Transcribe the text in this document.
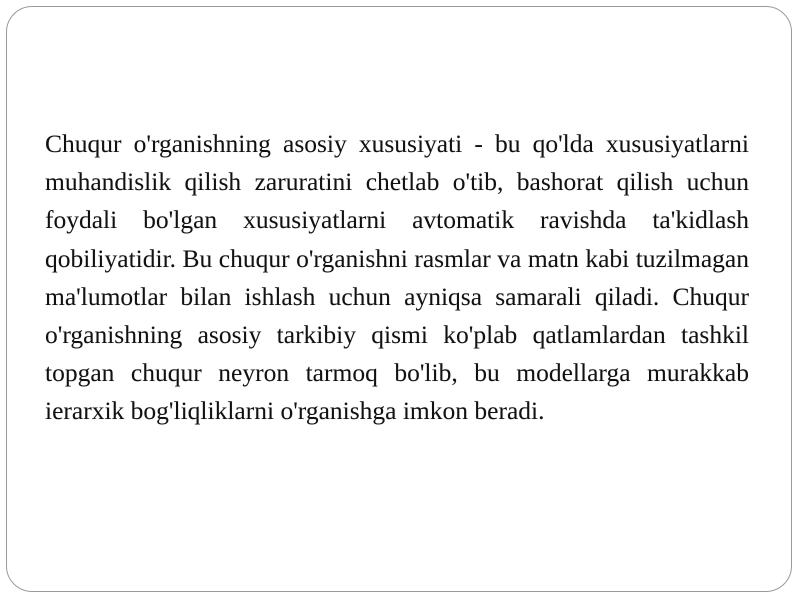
Chuqur o'rganishning asosiy xususiyati - bu qo'lda xususiyatlarni muhandislik qilish zaruratini chetlab o'tib, bashorat qilish uchun foydali bo'lgan xususiyatlarni avtomatik ravishda ta'kidlash qobiliyatidir. Bu chuqur o'rganishni rasmlar va matn kabi tuzilmagan ma'lumotlar bilan ishlash uchun ayniqsa samarali qiladi. Chuqur o'rganishning asosiy tarkibiy qismi ko'plab qatlamlardan tashkil topgan chuqur neyron tarmoq bo'lib, bu modellarga murakkab ierarxik bog'liqliklarni o'rganishga imkon beradi.
